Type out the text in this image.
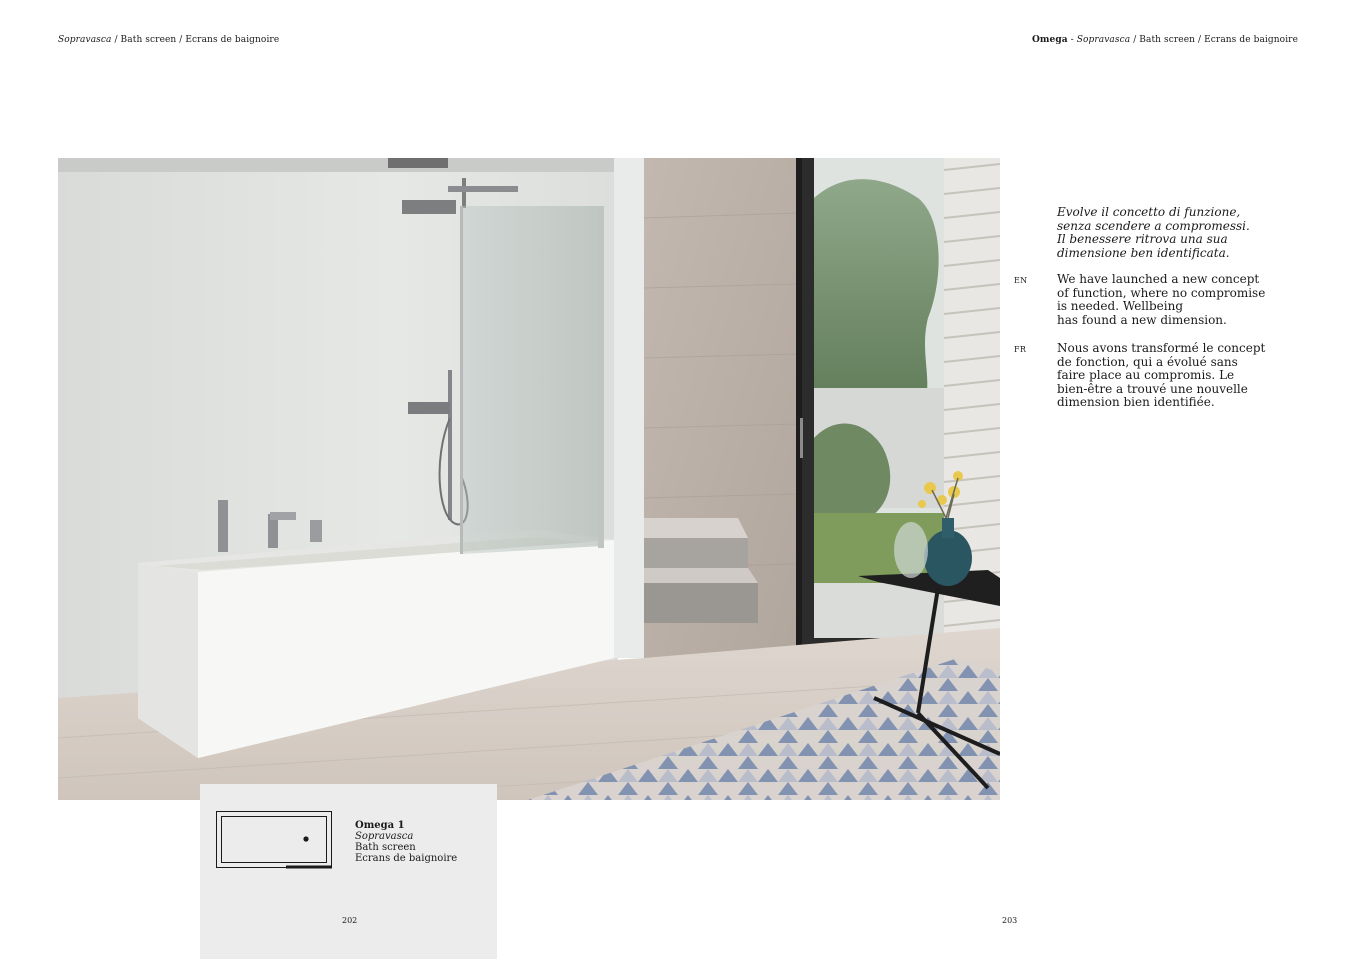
Sopravasca / Bath screen / Ecrans de baignoire	Omega - Sopravasca / Bath screen / Ecrans de baignoire
Omega 1
Sopravasca
Bath screen
Ecrans de baignoire
202	203
Evolve il concetto di funzione,
senza scendere a compromessi.
Il benessere ritrova una sua
dimensione ben identificata.
EN We have launched a new concept
of function, where no compromise
is needed. Wellbeing
has found a new dimension.
FR	Nous avons transformé le concept
de fonction, qui a évolué sans
faire place au compromis. Le
bien-être a trouvé une nouvelle
dimension bien identifiée.
